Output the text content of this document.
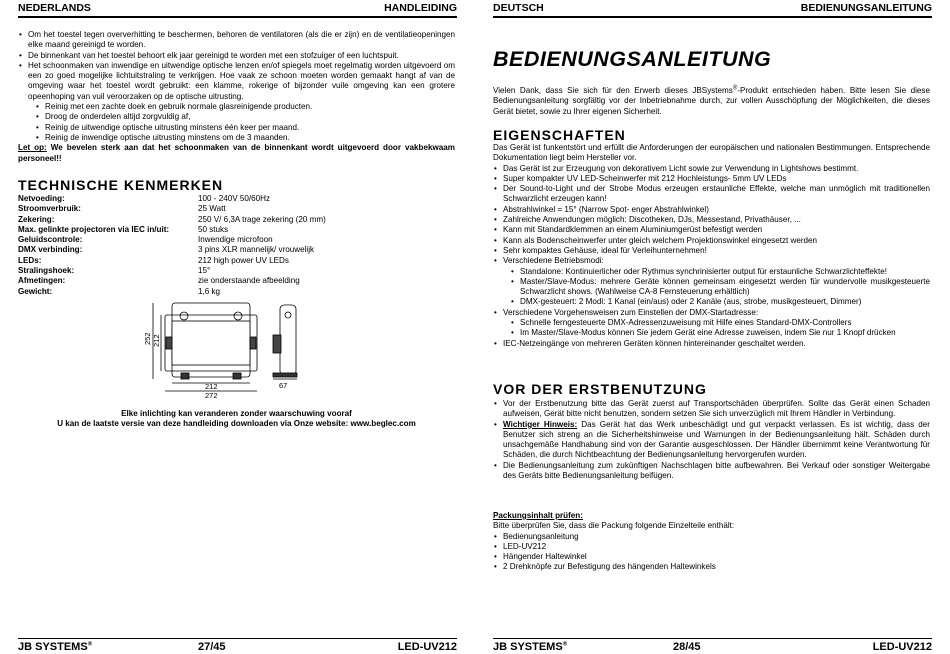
NEDERLANDS	HANDLEIDING
• Om het toestel tegen oververhitting te beschermen, behoren de ventilatoren (als die er zijn) en de ventilatieopeningen elke maand gereinigd te worden.
• De binnenkant van het toestel behoort elk jaar gereinigd te worden met een stofzuiger of een luchtspuit.
• Het schoonmaken van inwendige en uitwendige optische lenzen en/of spiegels moet regelmatig worden uitgevoerd om een zo goed mogelijke lichtuitstraling te verkrijgen. Hoe vaak ze schoon moeten worden gemaakt hangt af van de omgeving waar het toestel wordt gebruikt: een klamme, rokerige of bijzonder vuile omgeving kan een grotere opeenhoping van vuil veroorzaken op de optische uitrusting.
• Reinig met een zachte doek en gebruik normale glasreinigende producten.
• Droog de onderdelen altijd zorgvuldig af,
• Reinig de uitwendige optische uitrusting minstens één keer per maand.
• Reinig de inwendige optische uitrusting minstens om de 3 maanden.

Let op: We bevelen sterk aan dat het schoonmaken van de binnenkant wordt uitgevoerd door vakbekwaam personeel!!

TECHNISCHE KENMERKEN
Netvoeding:	100 - 240V 50/60Hz
Stroomverbruik:	25 Watt
Zekering:	250 V/ 6,3A trage zekering (20 mm)
Max. gelinkte projectoren via IEC in/uit:	50 stuks
Geluidscontrole:	Inwendige microfoon
DMX verbinding:	3 pins XLR mannelijk/ vrouwelijk
LEDs:	212 high power UV LEDs
Stralingshoek:	15°
Afmetingen:	zie onderstaande afbeelding
Gewicht:	1,6 kg
252 212
212
272
67
Elke inlichting kan veranderen zonder waarschuwing vooraf
U kan de laatste versie van deze handleiding downloaden via Onze website: www.beglec.com
JB SYSTEMS®	27/45	LED-UV212
DEUTSCH	BEDIENUNGSANLEITUNG
BEDIENUNGSANLEITUNG

Vielen Dank, dass Sie sich für den Erwerb dieses JBSystems®-Produkt entschieden haben. Bitte lesen Sie diese Bedienungsanleitung sorgfältig vor der Inbetriebnahme durch, zur vollen Ausschöpfung der Möglichkeiten, die dieses Gerät bietet, sowie zu Ihrer eigenen Sicherheit.

EIGENSCHAFTEN

Das Gerät ist funkentstört und erfüllt die Anforderungen der europäischen und nationalen Bestimmungen. Entsprechende Dokumentation liegt beim Hersteller vor.

• Das Gerät ist zur Erzeugung von dekorativem Licht sowie zur Verwendung in Lightshows bestimmt.
• Super kompakter UV LED-Scheinwerfer mit 212 Hochleistungs- 5mm UV LEDs
• Der Sound-to-Light und der Strobe Modus erzeugen erstaunliche Effekte, welche man unmöglich mit traditionellen Schwarzlicht erzeugen kann!
• Abstrahlwinkel = 15° (Narrow Spot- enger Abstrahlwinkel)
• Zahlreiche Anwendungen möglich: Discotheken, DJs, Messestand, Privathäuser, ...
• Kann mit Standardklemmen an einem Aluminiumgerüst befestigt werden
• Kann als Bodenscheinwerfer unter gleich welchem Projektionswinkel eingesetzt werden
• Sehr kompaktes Gehäuse, ideal für Verleihunternehmen!
• Verschiedene Betriebsmodi:
• Standalone: Kontinuierlicher oder Rythmus synchrinisierter output für erstaunliche Schwarzlichteffekte!
• Master/Slave-Modus: mehrere Geräte können gemeinsam eingesetzt werden für wundervolle musikgesteuerte Schwarzlicht shows. (Wahlweise CA-8 Fernsteuerung erhältlich)
• DMX-gesteuert: 2 Modi: 1 Kanal (ein/aus) oder 2 Kanäle (aus, strobe, musikgesteuert, Dimmer)
• Verschiedene Vorgehensweisen zum Einstellen der DMX-Startadresse:
• Schnelle ferngesteuerte DMX-Adressenzuweisung mit Hilfe eines Standard-DMX-Controllers
• Im Master/Slave-Modus können Sie jedem Gerät eine Adresse zuweisen, indem Sie nur 1 Knopf drücken
• IEC-Netzeingänge von mehreren Geräten können hintereinander geschaltet werden.
VOR DER ERSTBENUTZUNG
• Vor der Erstbenutzung bitte das Gerät zuerst auf Transportschäden überprüfen. Sollte das Gerät einen Schaden aufweisen, Gerät bitte nicht benutzen, sondern setzen Sie sich unverzüglich mit Ihrem Händler in Verbindung.
• Wichtiger Hinweis: Das Gerät hat das Werk unbeschädigt und gut verpackt verlassen. Es ist wichtig, dass der Benutzer sich streng an die Sicherheitshinweise und Warnungen in der Bedienungsanleitung hält. Schäden durch unsachgemäße Handhabung sind von der Garantie ausgeschlossen. Der Händler übernimmt keine Verantwortung für Schäden, die durch Nichtbeachtung der Bedienungsanleitung hervorgerufen wurden.
• Die Bedienungsanleitung zum zukünftigen Nachschlagen bitte aufbewahren. Bei Verkauf oder sonstiger Weitergabe des Geräts bitte Bedienungsanleitung beifügen.
Packungsinhalt prüfen:
Bitte überprüfen Sie, dass die Packung folgende Einzelteile enthält:
• Bedienungsanleitung
• LED-UV212
• Hängender Haltewinkel
• 2 Drehknöpfe zur Befestigung des hängenden Haltewinkels
JB SYSTEMS®	28/45	LED-UV212
